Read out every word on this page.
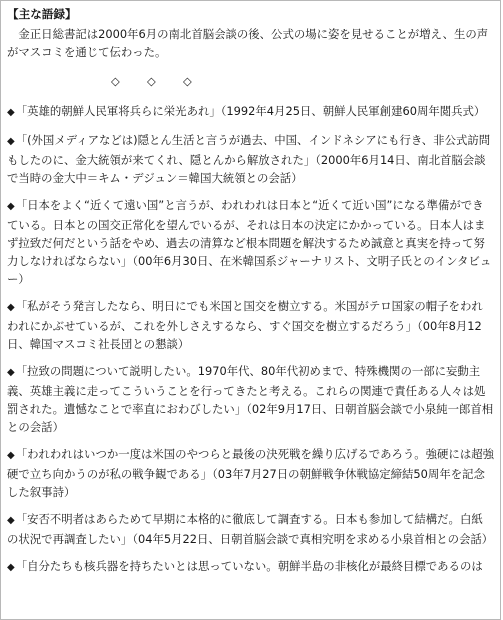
【主な語録】

金正日総書記は2000年6月の南北首脳会談の後、公式の場に姿を見せることが増え、生の声がマスコミを通じて伝わった。

◇ ◇ ◇

◆「英雄的朝鮮人民軍将兵らに栄光あれ」（1992年4月25日、朝鮮人民軍創建60周年閲兵式）

◆「(外国メディアなどは)隠とん生活と言うが過去、中国、インドネシアにも行き、非公式訪問もしたのに、金大統領が来てくれ、隠とんから解放された」（2000年6月14日、南北首脳会談で当時の金大中＝キム・デジュン＝韓国大統領との会話）

◆「日本をよく“近くて遠い国”と言うが、われわれは日本と“近くて近い国”になる準備ができている。日本との国交正常化を望んでいるが、それは日本の決定にかかっている。日本人はまず拉致だ何だという話をやめ、過去の清算など根本問題を解決するため誠意と真実を持って努力しなければならない」（00年6月30日、在米韓国系ジャーナリスト、文明子氏とのインタビュー）

◆「私がそう発言したなら、明日にでも米国と国交を樹立する。米国がテロ国家の帽子をわれわれにかぶせているが、これを外しさえするなら、すぐ国交を樹立するだろう」（00年8月12日、韓国マスコミ社長団との懇談）

◆「拉致の問題について説明したい。1970年代、80年代初めまで、特殊機関の一部に妄動主義、英雄主義に走ってこういうことを行ってきたと考える。これらの関連で責任ある人々は処罰された。遺憾なことで率直におわびしたい」（02年9月17日、日朝首脳会談で小泉純一郎首相との会話）

◆「われわれはいつか一度は米国のやつらと最後の決死戦を繰り広げるであろう。強硬には超強硬で立ち向かうのが私の戦争観である」（03年7月27日の朝鮮戦争休戦協定締結50周年を記念した叙事詩）

◆「安否不明者はあらためて早期に本格的に徹底して調査する。日本も参加して結構だ。白紙の状況で再調査したい」（04年5月22日、日朝首脳会談で真相究明を求める小泉首相との会話）

◆「自分たちも核兵器を持ちたいとは思っていない。朝鮮半島の非核化が最終目標であるのは
